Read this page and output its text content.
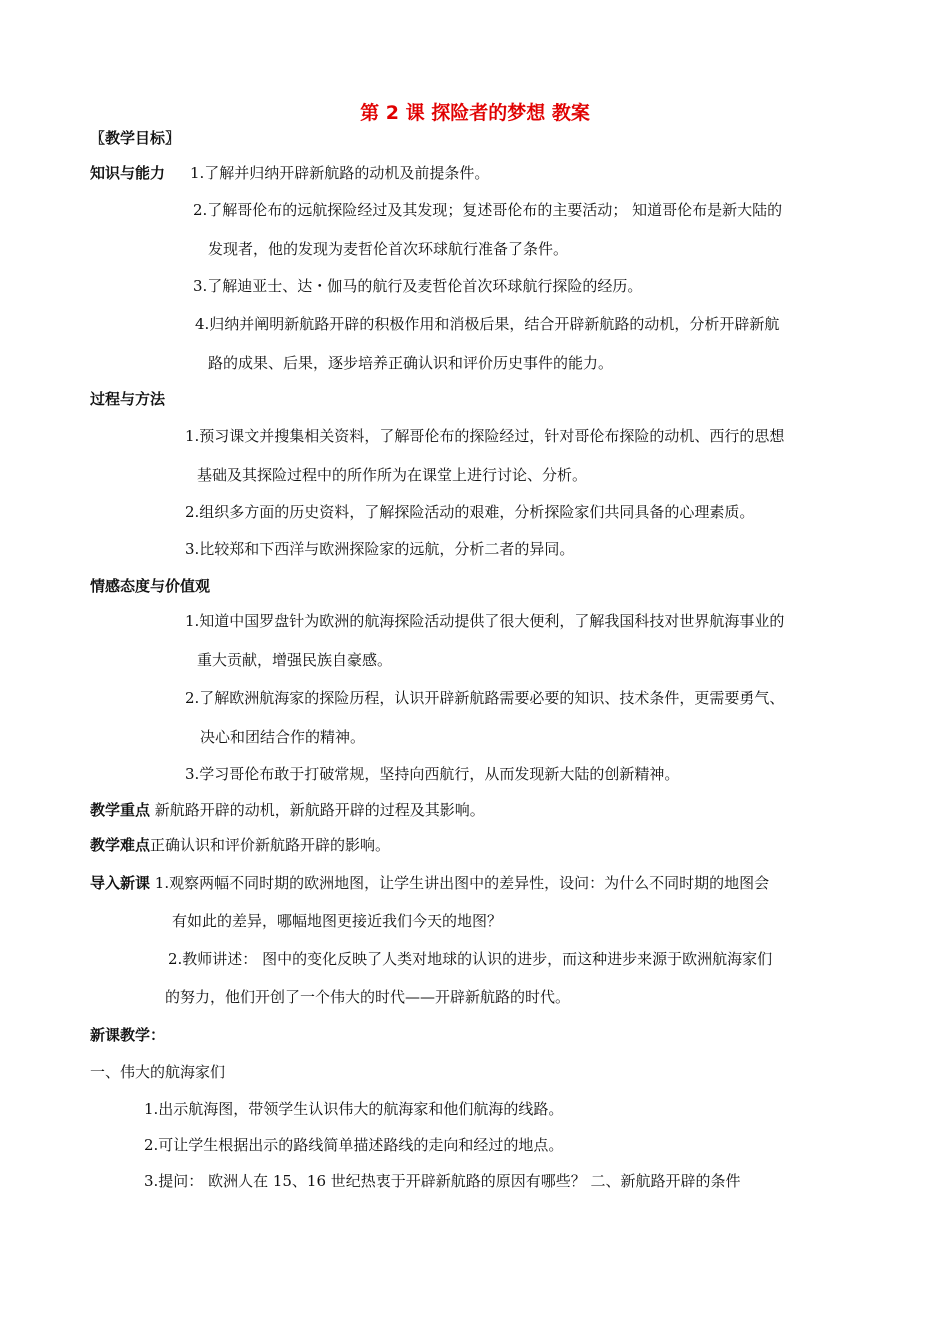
第 2 课 探险者的梦想 教案
〖教学目标〗
知识与能力 1.了解并归纳开辟新航路的动机及前提条件。
2.了解哥伦布的远航探险经过及其发现；复述哥伦布的主要活动； 知道哥伦布是新大陆的
发现者，他的发现为麦哲伦首次环球航行准备了条件。
3.了解迪亚士、达・伽马的航行及麦哲伦首次环球航行探险的经历。
4.归纳并阐明新航路开辟的积极作用和消极后果，结合开辟新航路的动机，分析开辟新航
路的成果、后果，逐步培养正确认识和评价历史事件的能力。
过程与方法
1.预习课文并搜集相关资料，了解哥伦布的探险经过，针对哥伦布探险的动机、西行的思想
基础及其探险过程中的所作所为在课堂上进行讨论、分析。
2.组织多方面的历史资料，了解探险活动的艰难，分析探险家们共同具备的心理素质。
3.比较郑和下西洋与欧洲探险家的远航，分析二者的异同。
情感态度与价值观
1.知道中国罗盘针为欧洲的航海探险活动提供了很大便利，了解我国科技对世界航海事业的
重大贡献，增强民族自豪感。
2.了解欧洲航海家的探险历程，认识开辟新航路需要必要的知识、技术条件，更需要勇气、
决心和团结合作的精神。
3.学习哥伦布敢于打破常规，坚持向西航行，从而发现新大陆的创新精神。
教学重点 新航路开辟的动机，新航路开辟的过程及其影响。
教学难点正确认识和评价新航路开辟的影响。
导入新课 1.观察两幅不同时期的欧洲地图，让学生讲出图中的差异性，设问：为什么不同时期的地图会
有如此的差异，哪幅地图更接近我们今天的地图？
2.教师讲述： 图中的变化反映了人类对地球的认识的进步，而这种进步来源于欧洲航海家们
的努力，他们开创了一个伟大的时代——开辟新航路的时代。
新课教学：
一、伟大的航海家们
1.出示航海图，带领学生认识伟大的航海家和他们航海的线路。
2.可让学生根据出示的路线简单描述路线的走向和经过的地点。
3.提问： 欧洲人在 15、16 世纪热衷于开辟新航路的原因有哪些？ 二、新航路开辟的条件
